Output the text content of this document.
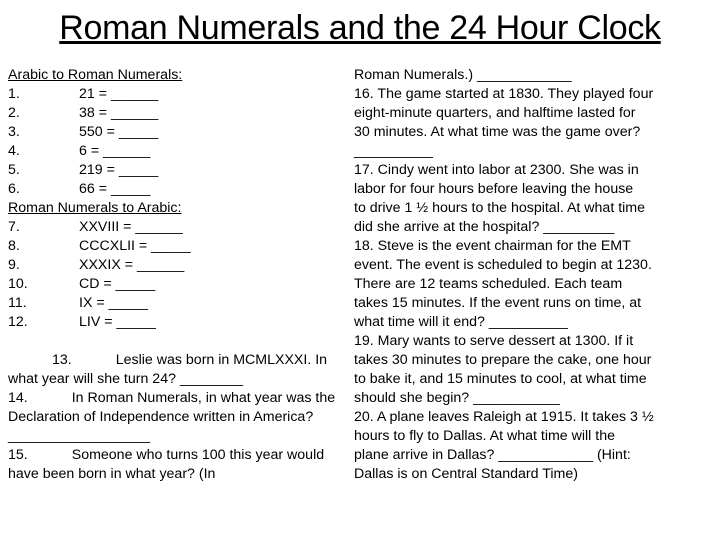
Roman Numerals and the 24 Hour Clock
Arabic to Roman Numerals:
1.	21 = ______
2.	38 = ______
3.	550 = _____
4.	6 = ______
5.	219 = _____
6.	66 = _____
Roman Numerals to Arabic:
7.	XXVIII = ______
8.	CCCXLII = _____
9.	XXXIX = ______
10.	CD = _____
11.	IX = _____
12.	LIV = _____
13.	Leslie was born in MCMLXXXI. In what year will she turn 24? ________
14.	In Roman Numerals, in what year was the Declaration of Independence written in America? __________________
15.	Someone who turns 100 this year would have been born in what year? (In
Roman Numerals.) ____________
16. The game started at 1830. They played four
eight-minute quarters, and halftime lasted for
30 minutes. At what time was the game over?
__________
17. Cindy went into labor at 2300. She was in
labor for four hours before leaving the house
to drive 1 ½ hours to the hospital. At what time
did she arrive at the hospital? _________
18. Steve is the event chairman for the EMT
event. The event is scheduled to begin at 1230.
There are 12 teams scheduled. Each team
takes 15 minutes. If the event runs on time, at
what time will it end? __________
19. Mary wants to serve dessert at 1300. If it
takes 30 minutes to prepare the cake, one hour
to bake it, and 15 minutes to cool, at what time
should she begin? ___________
20. A plane leaves Raleigh at 1915. It takes 3 ½
hours to fly to Dallas. At what time will the
plane arrive in Dallas? ____________ (Hint:
Dallas is on Central Standard Time)
